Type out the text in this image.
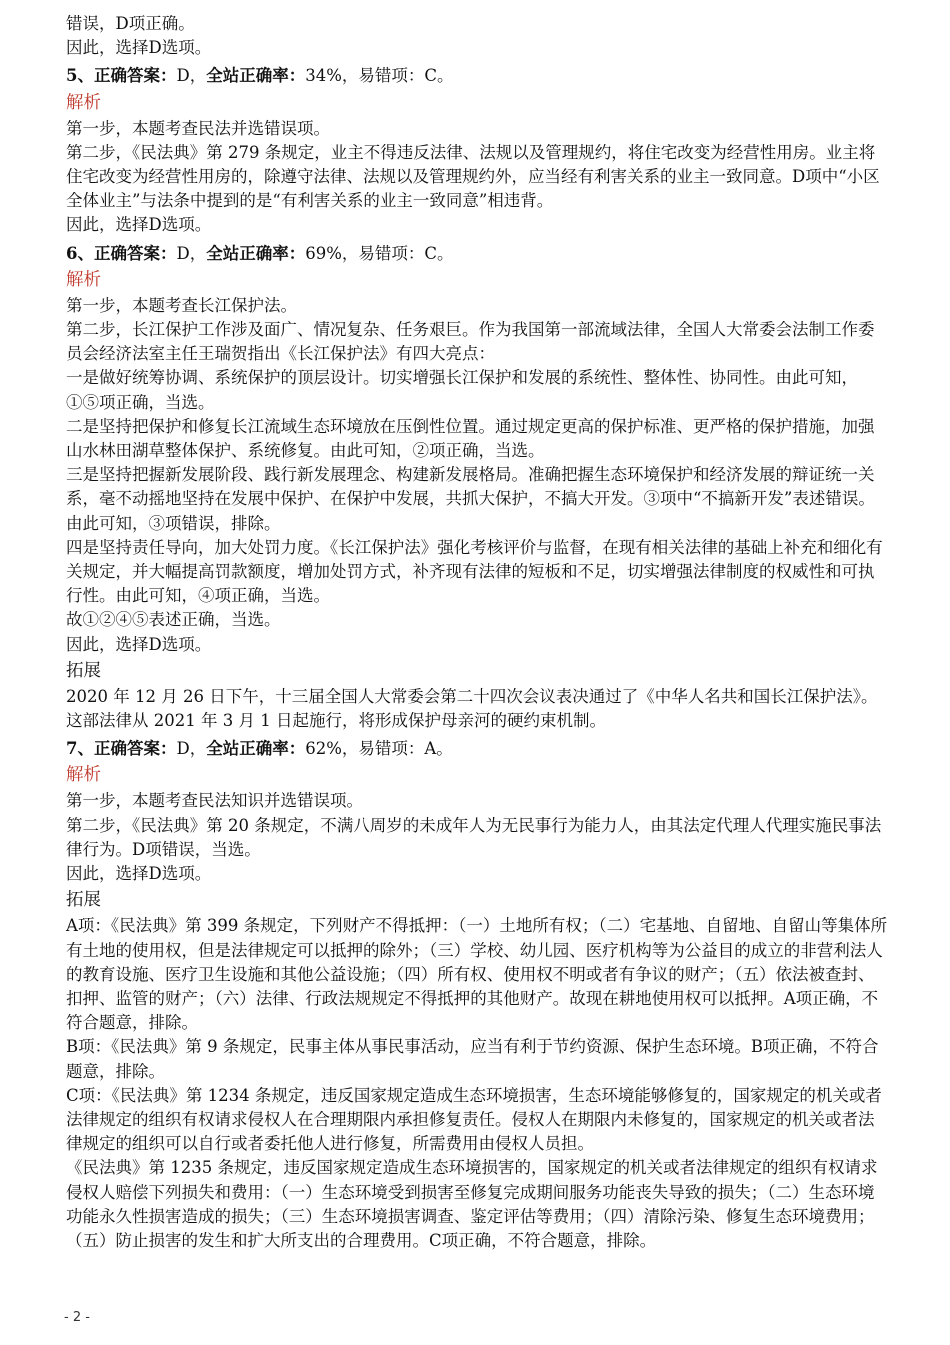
错误，D项正确。

因此，选择D选项。

5、正确答案：D，全站正确率：34%，易错项：C。

解析

第一步，本题考查民法并选错误项。

第二步，《民法典》第 279 条规定，业主不得违反法律、法规以及管理规约，将住宅改变为经营性用房。业主将住宅改变为经营性用房的，除遵守法律、法规以及管理规约外，应当经有利害关系的业主一致同意。D项中“小区全体业主”与法条中提到的是“有利害关系的业主一致同意”相违背。

因此，选择D选项。

6、正确答案：D，全站正确率：69%，易错项：C。

解析

第一步，本题考查长江保护法。

第二步，长江保护工作涉及面广、情况复杂、任务艰巨。作为我国第一部流域法律，全国人大常委会法制工作委员会经济法室主任王瑞贺指出《长江保护法》有四大亮点：

一是做好统筹协调、系统保护的顶层设计。切实增强长江保护和发展的系统性、整体性、协同性。由此可知，①⑤项正确，当选。

二是坚持把保护和修复长江流域生态环境放在压倒性位置。通过规定更高的保护标准、更严格的保护措施，加强山水林田湖草整体保护、系统修复。由此可知，②项正确，当选。

三是坚持把握新发展阶段、践行新发展理念、构建新发展格局。准确把握生态环境保护和经济发展的辩证统一关系，毫不动摇地坚持在发展中保护、在保护中发展，共抓大保护，不搞大开发。③项中“不搞新开发”表述错误。由此可知，③项错误，排除。

四是坚持责任导向，加大处罚力度。《长江保护法》强化考核评价与监督，在现有相关法律的基础上补充和细化有关规定，并大幅提高罚款额度，增加处罚方式，补齐现有法律的短板和不足，切实增强法律制度的权威性和可执行性。由此可知，④项正确，当选。

故①②④⑤表述正确，当选。

因此，选择D选项。

拓展

2020 年 12 月 26 日下午，十三届全国人大常委会第二十四次会议表决通过了《中华人名共和国长江保护法》。这部法律从 2021 年 3 月 1 日起施行，将形成保护母亲河的硬约束机制。

7、正确答案：D，全站正确率：62%，易错项：A。

解析

第一步，本题考查民法知识并选错误项。

第二步，《民法典》第 20 条规定，不满八周岁的未成年人为无民事行为能力人，由其法定代理人代理实施民事法律行为。D项错误，当选。

因此，选择D选项。

拓展

A项：《民法典》第 399 条规定，下列财产不得抵押：（一）土地所有权；（二）宅基地、自留地、自留山等集体所有土地的使用权，但是法律规定可以抵押的除外；（三）学校、幼儿园、医疗机构等为公益目的成立的非营利法人的教育设施、医疗卫生设施和其他公益设施；（四）所有权、使用权不明或者有争议的财产；（五）依法被查封、扣押、监管的财产；（六）法律、行政法规规定不得抵押的其他财产。故现在耕地使用权可以抵押。A项正确，不符合题意，排除。

B项：《民法典》第 9 条规定，民事主体从事民事活动，应当有利于节约资源、保护生态环境。B项正确，不符合题意，排除。

C项：《民法典》第 1234 条规定，违反国家规定造成生态环境损害，生态环境能够修复的，国家规定的机关或者法律规定的组织有权请求侵权人在合理期限内承担修复责任。侵权人在期限内未修复的，国家规定的机关或者法律规定的组织可以自行或者委托他人进行修复，所需费用由侵权人员担。

《民法典》第 1235 条规定，违反国家规定造成生态环境损害的，国家规定的机关或者法律规定的组织有权请求侵权人赔偿下列损失和费用：（一）生态环境受到损害至修复完成期间服务功能丧失导致的损失；（二）生态环境功能永久性损害造成的损失；（三）生态环境损害调查、鉴定评估等费用；（四）清除污染、修复生态环境费用；（五）防止损害的发生和扩大所支出的合理费用。C项正确，不符合题意，排除。

- 2 -
